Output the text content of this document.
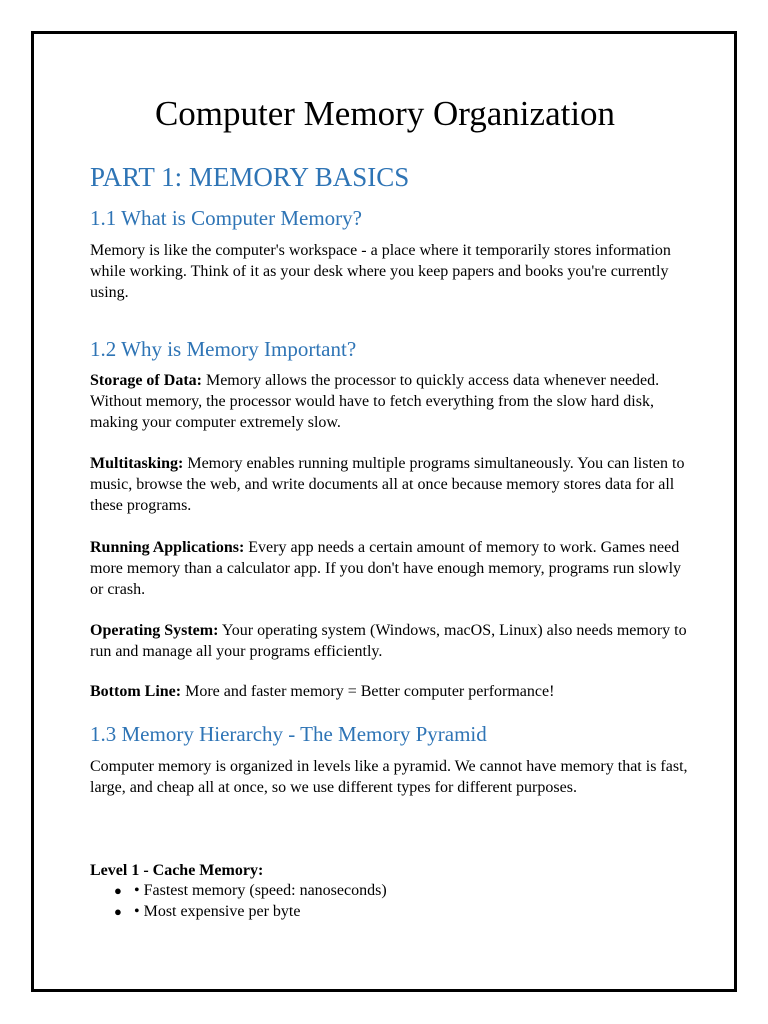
Computer Memory Organization
PART 1: MEMORY BASICS
1.1 What is Computer Memory?

Memory is like the computer's workspace - a place where it temporarily stores information while working. Think of it as your desk where you keep papers and books you're currently using.

1.2 Why is Memory Important?

Storage of Data: Memory allows the processor to quickly access data whenever needed. Without memory, the processor would have to fetch everything from the slow hard disk, making your computer extremely slow.

Multitasking: Memory enables running multiple programs simultaneously. You can listen to music, browse the web, and write documents all at once because memory stores data for all these programs.

Running Applications: Every app needs a certain amount of memory to work. Games need more memory than a calculator app. If you don't have enough memory, programs run slowly or crash.

Operating System: Your operating system (Windows, macOS, Linux) also needs memory to run and manage all your programs efficiently.

Bottom Line: More and faster memory = Better computer performance!

1.3 Memory Hierarchy - The Memory Pyramid

Computer memory is organized in levels like a pyramid. We cannot have memory that is fast, large, and cheap all at once, so we use different types for different purposes.

Level 1 - Cache Memory:

● • Fastest memory (speed: nanoseconds)
● • Most expensive per byte
